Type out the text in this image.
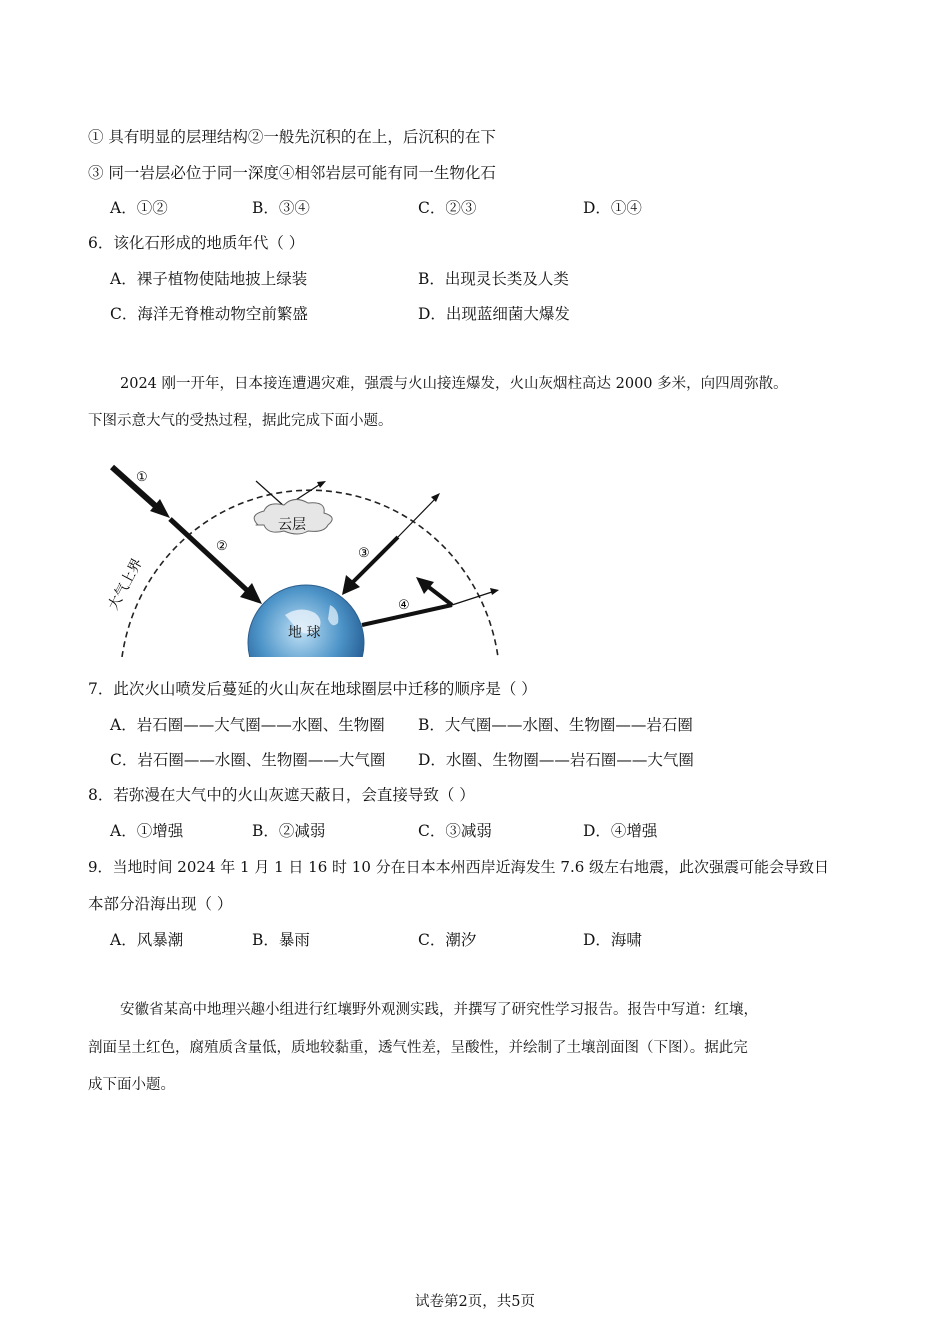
① 具有明显的层理结构②一般先沉积的在上，后沉积的在下
③ 同一岩层必位于同一深度④相邻岩层可能有同一生物化石
A．①②	B．③④	C．②③	D．①④
6．该化石形成的地质年代（ ）
A．裸子植物使陆地披上绿装	B．出现灵长类及人类
C．海洋无脊椎动物空前繁盛	D．出现蓝细菌大爆发
2024 刚一开年，日本接连遭遇灾难，强震与火山接连爆发，火山灰烟柱高达 2000 多米，向四周弥散。
下图示意大气的受热过程，据此完成下面小题。
①
②	③
④
云层
地 球
大气上界
7．此次火山喷发后蔓延的火山灰在地球圈层中迁移的顺序是（ ）
A．岩石圈——大气圈——水圈、生物圈 B．大气圈——水圈、生物圈——岩石圈
C．岩石圈——水圈、生物圈——大气圈 D．水圈、生物圈——岩石圈——大气圈
8．若弥漫在大气中的火山灰遮天蔽日，会直接导致（ ）
A．①增强	B．②减弱	C．③减弱	D．④增强
9．当地时间 2024 年 1 月 1 日 16 时 10 分在日本本州西岸近海发生 7.6 级左右地震，此次强震可能会导致日
本部分沿海出现（ ）
A．风暴潮	B．暴雨	C．潮汐	D．海啸
安徽省某高中地理兴趣小组进行红壤野外观测实践，并撰写了研究性学习报告。报告中写道：红壤，
剖面呈土红色，腐殖质含量低，质地较黏重，透气性差，呈酸性，并绘制了土壤剖面图（下图）。据此完
成下面小题。
试卷第2页，共5页
